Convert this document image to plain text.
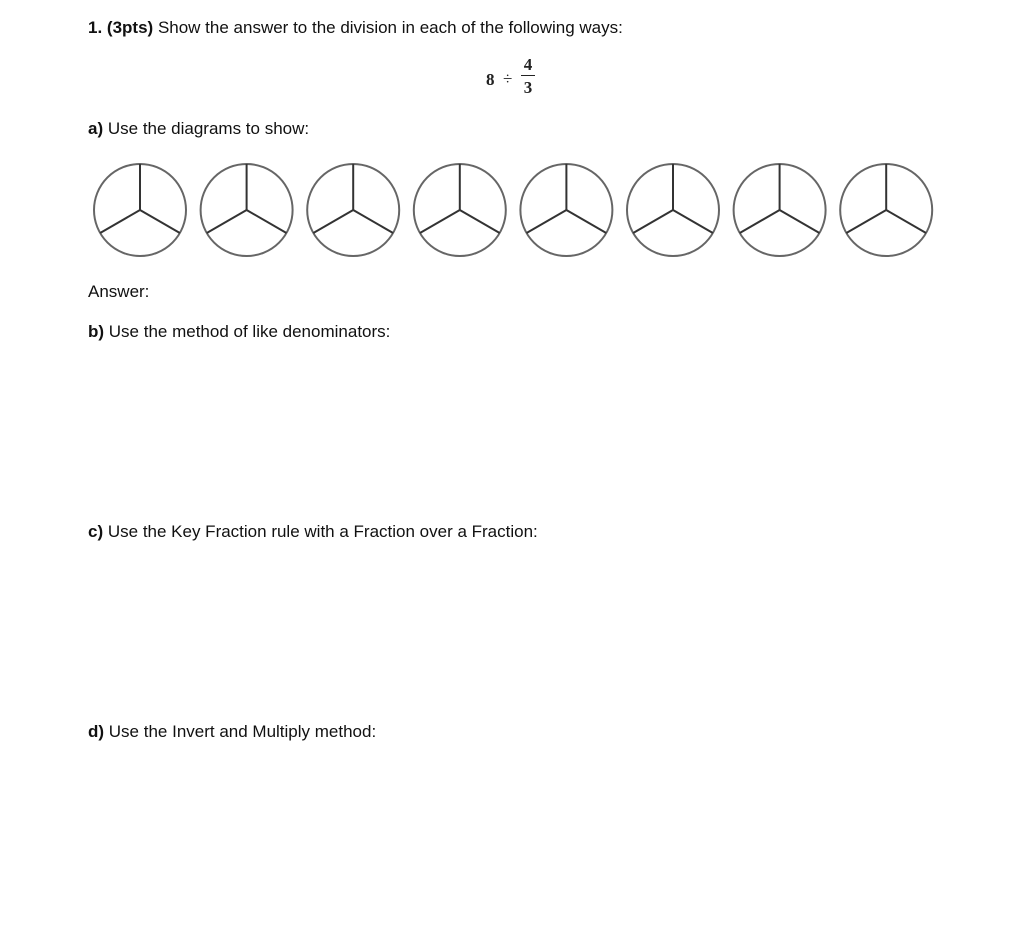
1. (3pts) Show the answer to the division in each of the following ways:
8 ÷
4
3
a) Use the diagrams to show:
Answer:
b) Use the method of like denominators:
c) Use the Key Fraction rule with a Fraction over a Fraction:
d) Use the Invert and Multiply method:
